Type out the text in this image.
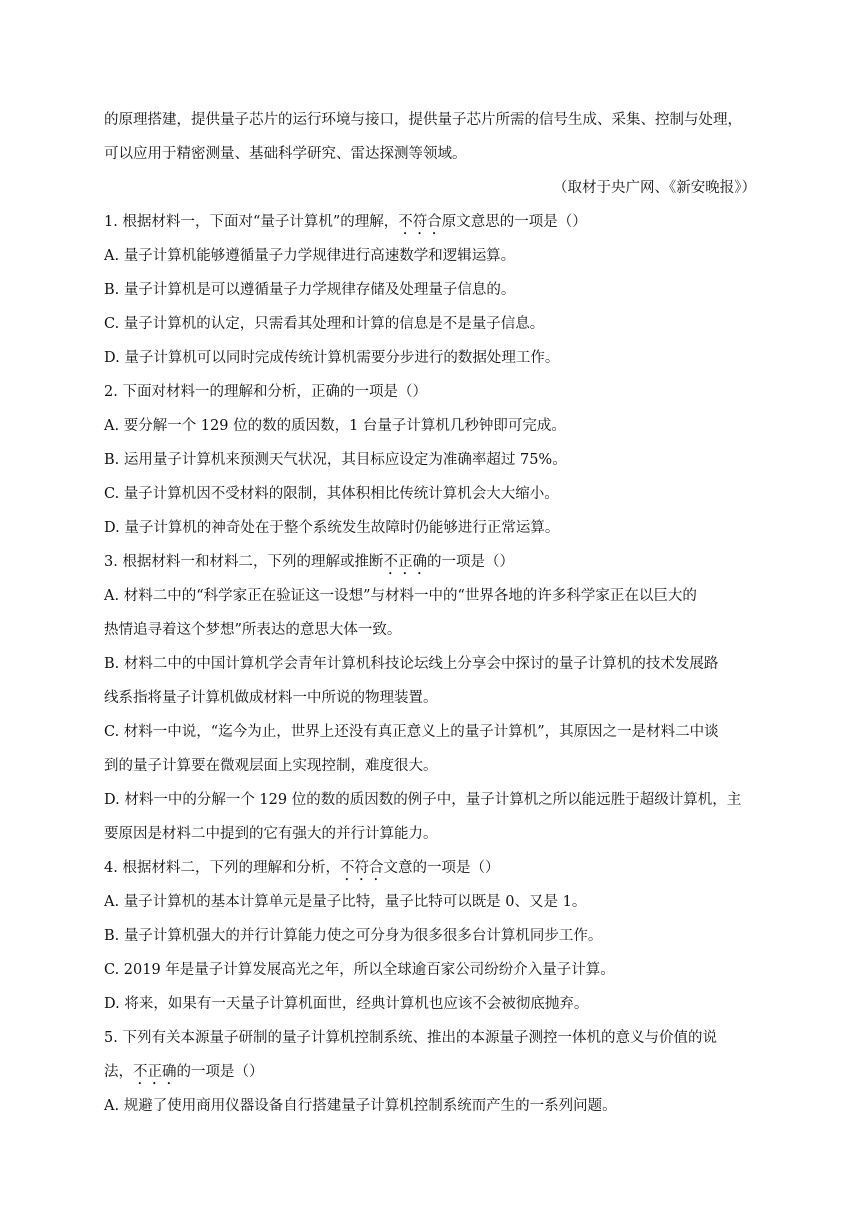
的原理搭建，提供量子芯片的运行环境与接口，提供量子芯片所需的信号生成、采集、控制与处理，
可以应用于精密测量、基础科学研究、雷达探测等领域。
（取材于央广网、《新安晚报》）
1. 根据材料一，下面对“量子计算机”的理解，不符合原文意思的一项是（）
A. 量子计算机能够遵循量子力学规律进行高速数学和逻辑运算。
B. 量子计算机是可以遵循量子力学规律存储及处理量子信息的。
C. 量子计算机的认定，只需看其处理和计算的信息是不是量子信息。
D. 量子计算机可以同时完成传统计算机需要分步进行的数据处理工作。
2. 下面对材料一的理解和分析，正确的一项是（）
A. 要分解一个 129 位的数的质因数，1 台量子计算机几秒钟即可完成。
B. 运用量子计算机来预测天气状况，其目标应设定为准确率超过 75%。
C. 量子计算机因不受材料的限制，其体积相比传统计算机会大大缩小。
D. 量子计算机的神奇处在于整个系统发生故障时仍能够进行正常运算。
3. 根据材料一和材料二，下列的理解或推断不正确的一项是（）
A. 材料二中的“科学家正在验证这一设想”与材料一中的“世界各地的许多科学家正在以巨大的
热情追寻着这个梦想”所表达的意思大体一致。
B. 材料二中的中国计算机学会青年计算机科技论坛线上分享会中探讨的量子计算机的技术发展路
线系指将量子计算机做成材料一中所说的物理装置。
C. 材料一中说，“迄今为止，世界上还没有真正意义上的量子计算机”，其原因之一是材料二中谈
到的量子计算要在微观层面上实现控制，难度很大。
D. 材料一中的分解一个 129 位的数的质因数的例子中，量子计算机之所以能远胜于超级计算机，主
要原因是材料二中提到的它有强大的并行计算能力。
4. 根据材料二，下列的理解和分析，不符合文意的一项是（）
A. 量子计算机的基本计算单元是量子比特，量子比特可以既是 0、又是 1。
B. 量子计算机强大的并行计算能力使之可分身为很多很多台计算机同步工作。
C. 2019 年是量子计算发展高光之年，所以全球逾百家公司纷纷介入量子计算。
D. 将来，如果有一天量子计算机面世，经典计算机也应该不会被彻底抛弃。
5. 下列有关本源量子研制的量子计算机控制系统、推出的本源量子测控一体机的意义与价值的说
法，不正确的一项是（）
A. 规避了使用商用仪器设备自行搭建量子计算机控制系统而产生的一系列问题。
